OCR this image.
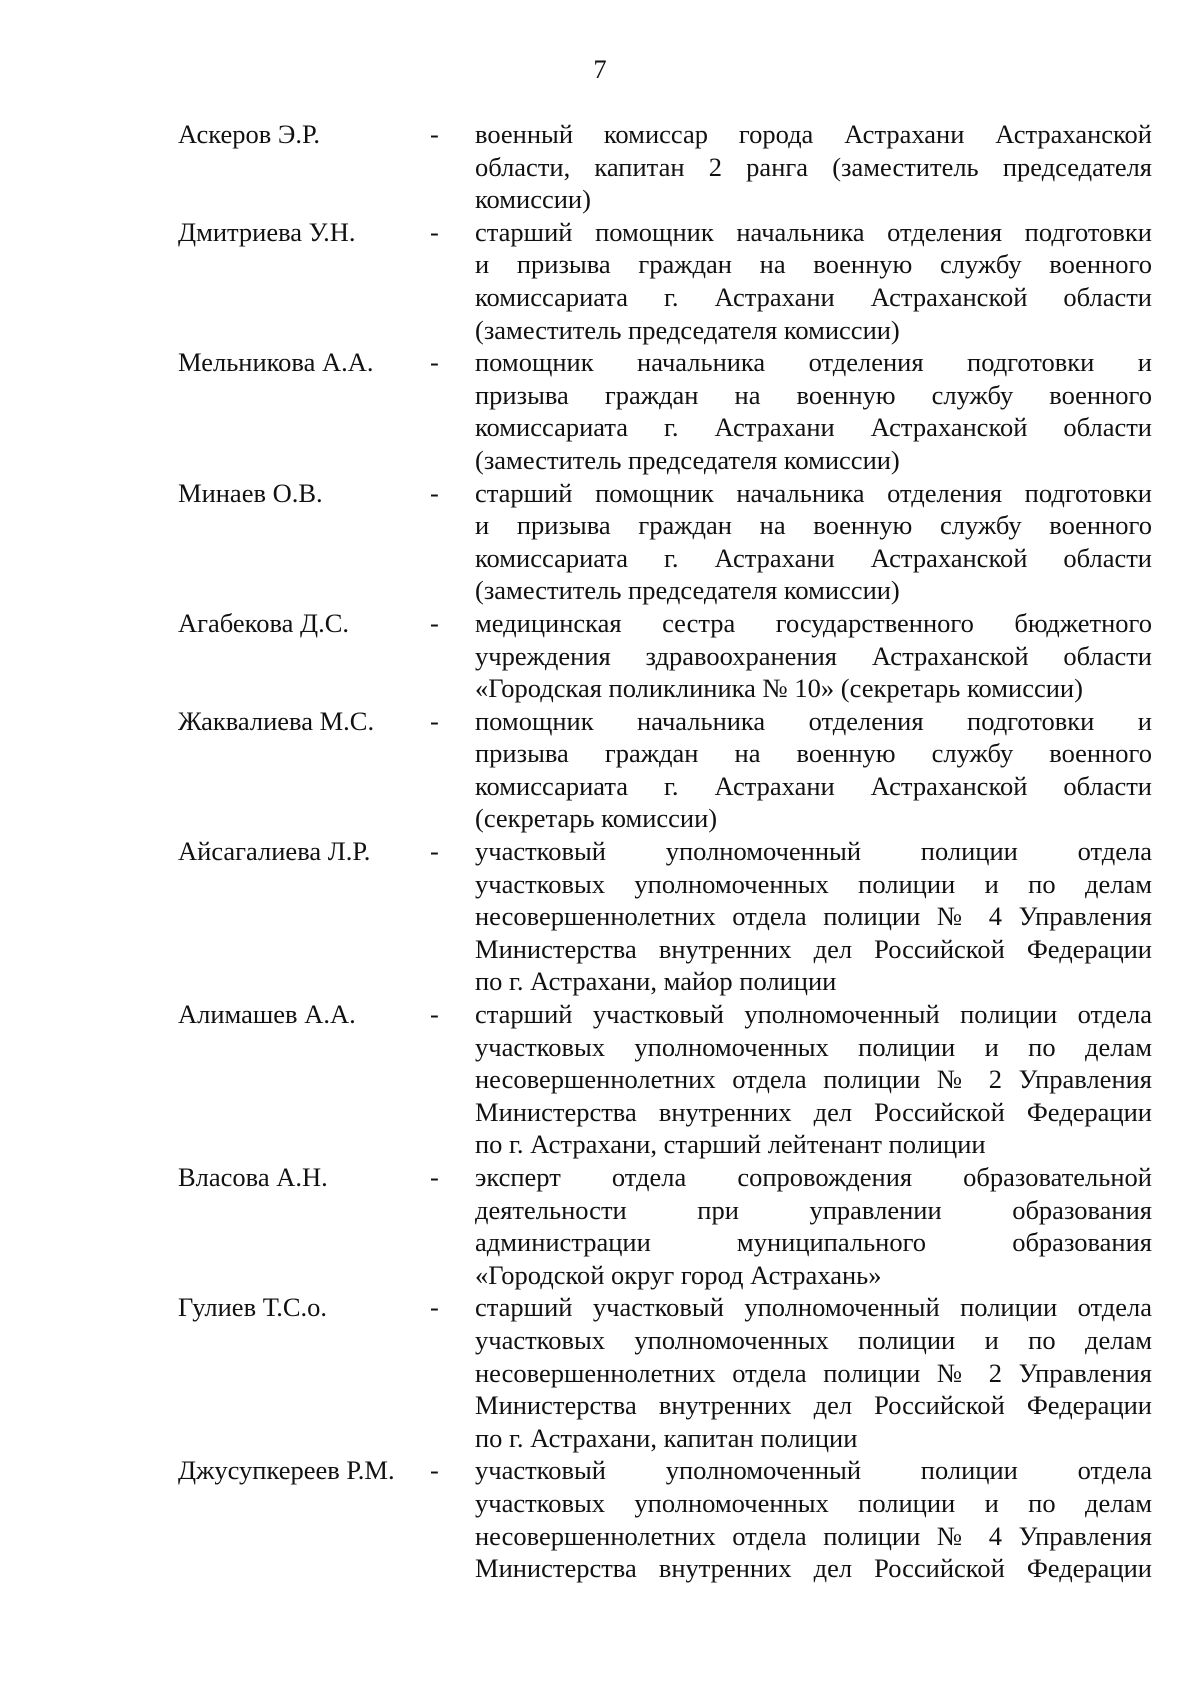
7
Аскеров Э.Р.	- военный комиссар города Астрахани Астраханской
области, капитан 2 ранга (заместитель председателя
комиссии)
Дмитриева У.Н.	- старший помощник начальника отделения подготовки
и призыва граждан на военную службу военного
комиссариата г. Астрахани Астраханской области
(заместитель председателя комиссии)
Мельникова А.А. - помощник начальника отделения подготовки и
призыва граждан на военную службу военного
комиссариата г. Астрахани Астраханской области
(заместитель председателя комиссии)
Минаев О.В.	- старший помощник начальника отделения подготовки
и призыва граждан на военную службу военного
комиссариата г. Астрахани Астраханской области
(заместитель председателя комиссии)
Агабекова Д.С.	- медицинская сестра государственного бюджетного
учреждения здравоохранения Астраханской области
«Городская поликлиника № 10» (секретарь комиссии)
Жаквалиева М.С. - помощник начальника отделения подготовки и
призыва граждан на военную службу военного
комиссариата г. Астрахани Астраханской области
(секретарь комиссии)
Айсагалиева Л.Р. - участковый уполномоченный полиции отдела
участковых уполномоченных полиции и по делам
несовершеннолетних отдела полиции № 4 Управления
Министерства внутренних дел Российской Федерации
по г. Астрахани, майор полиции
Алимашев А.А.	- старший участковый уполномоченный полиции отдела
участковых уполномоченных полиции и по делам
несовершеннолетних отдела полиции № 2 Управления
Министерства внутренних дел Российской Федерации
по г. Астрахани, старший лейтенант полиции
Власова А.Н.	- эксперт отдела сопровождения образовательной
деятельности при управлении образования
администрации муниципального образования
«Городской округ город Астрахань»
Гулиев Т.С.о.	- старший участковый уполномоченный полиции отдела
участковых уполномоченных полиции и по делам
несовершеннолетних отдела полиции № 2 Управления
Министерства внутренних дел Российской Федерации
по г. Астрахани, капитан полиции
Джусупкереев Р.М. - участковый уполномоченный полиции отдела
участковых уполномоченных полиции и по делам
несовершеннолетних отдела полиции № 4 Управления
Министерства внутренних дел Российской Федерации
